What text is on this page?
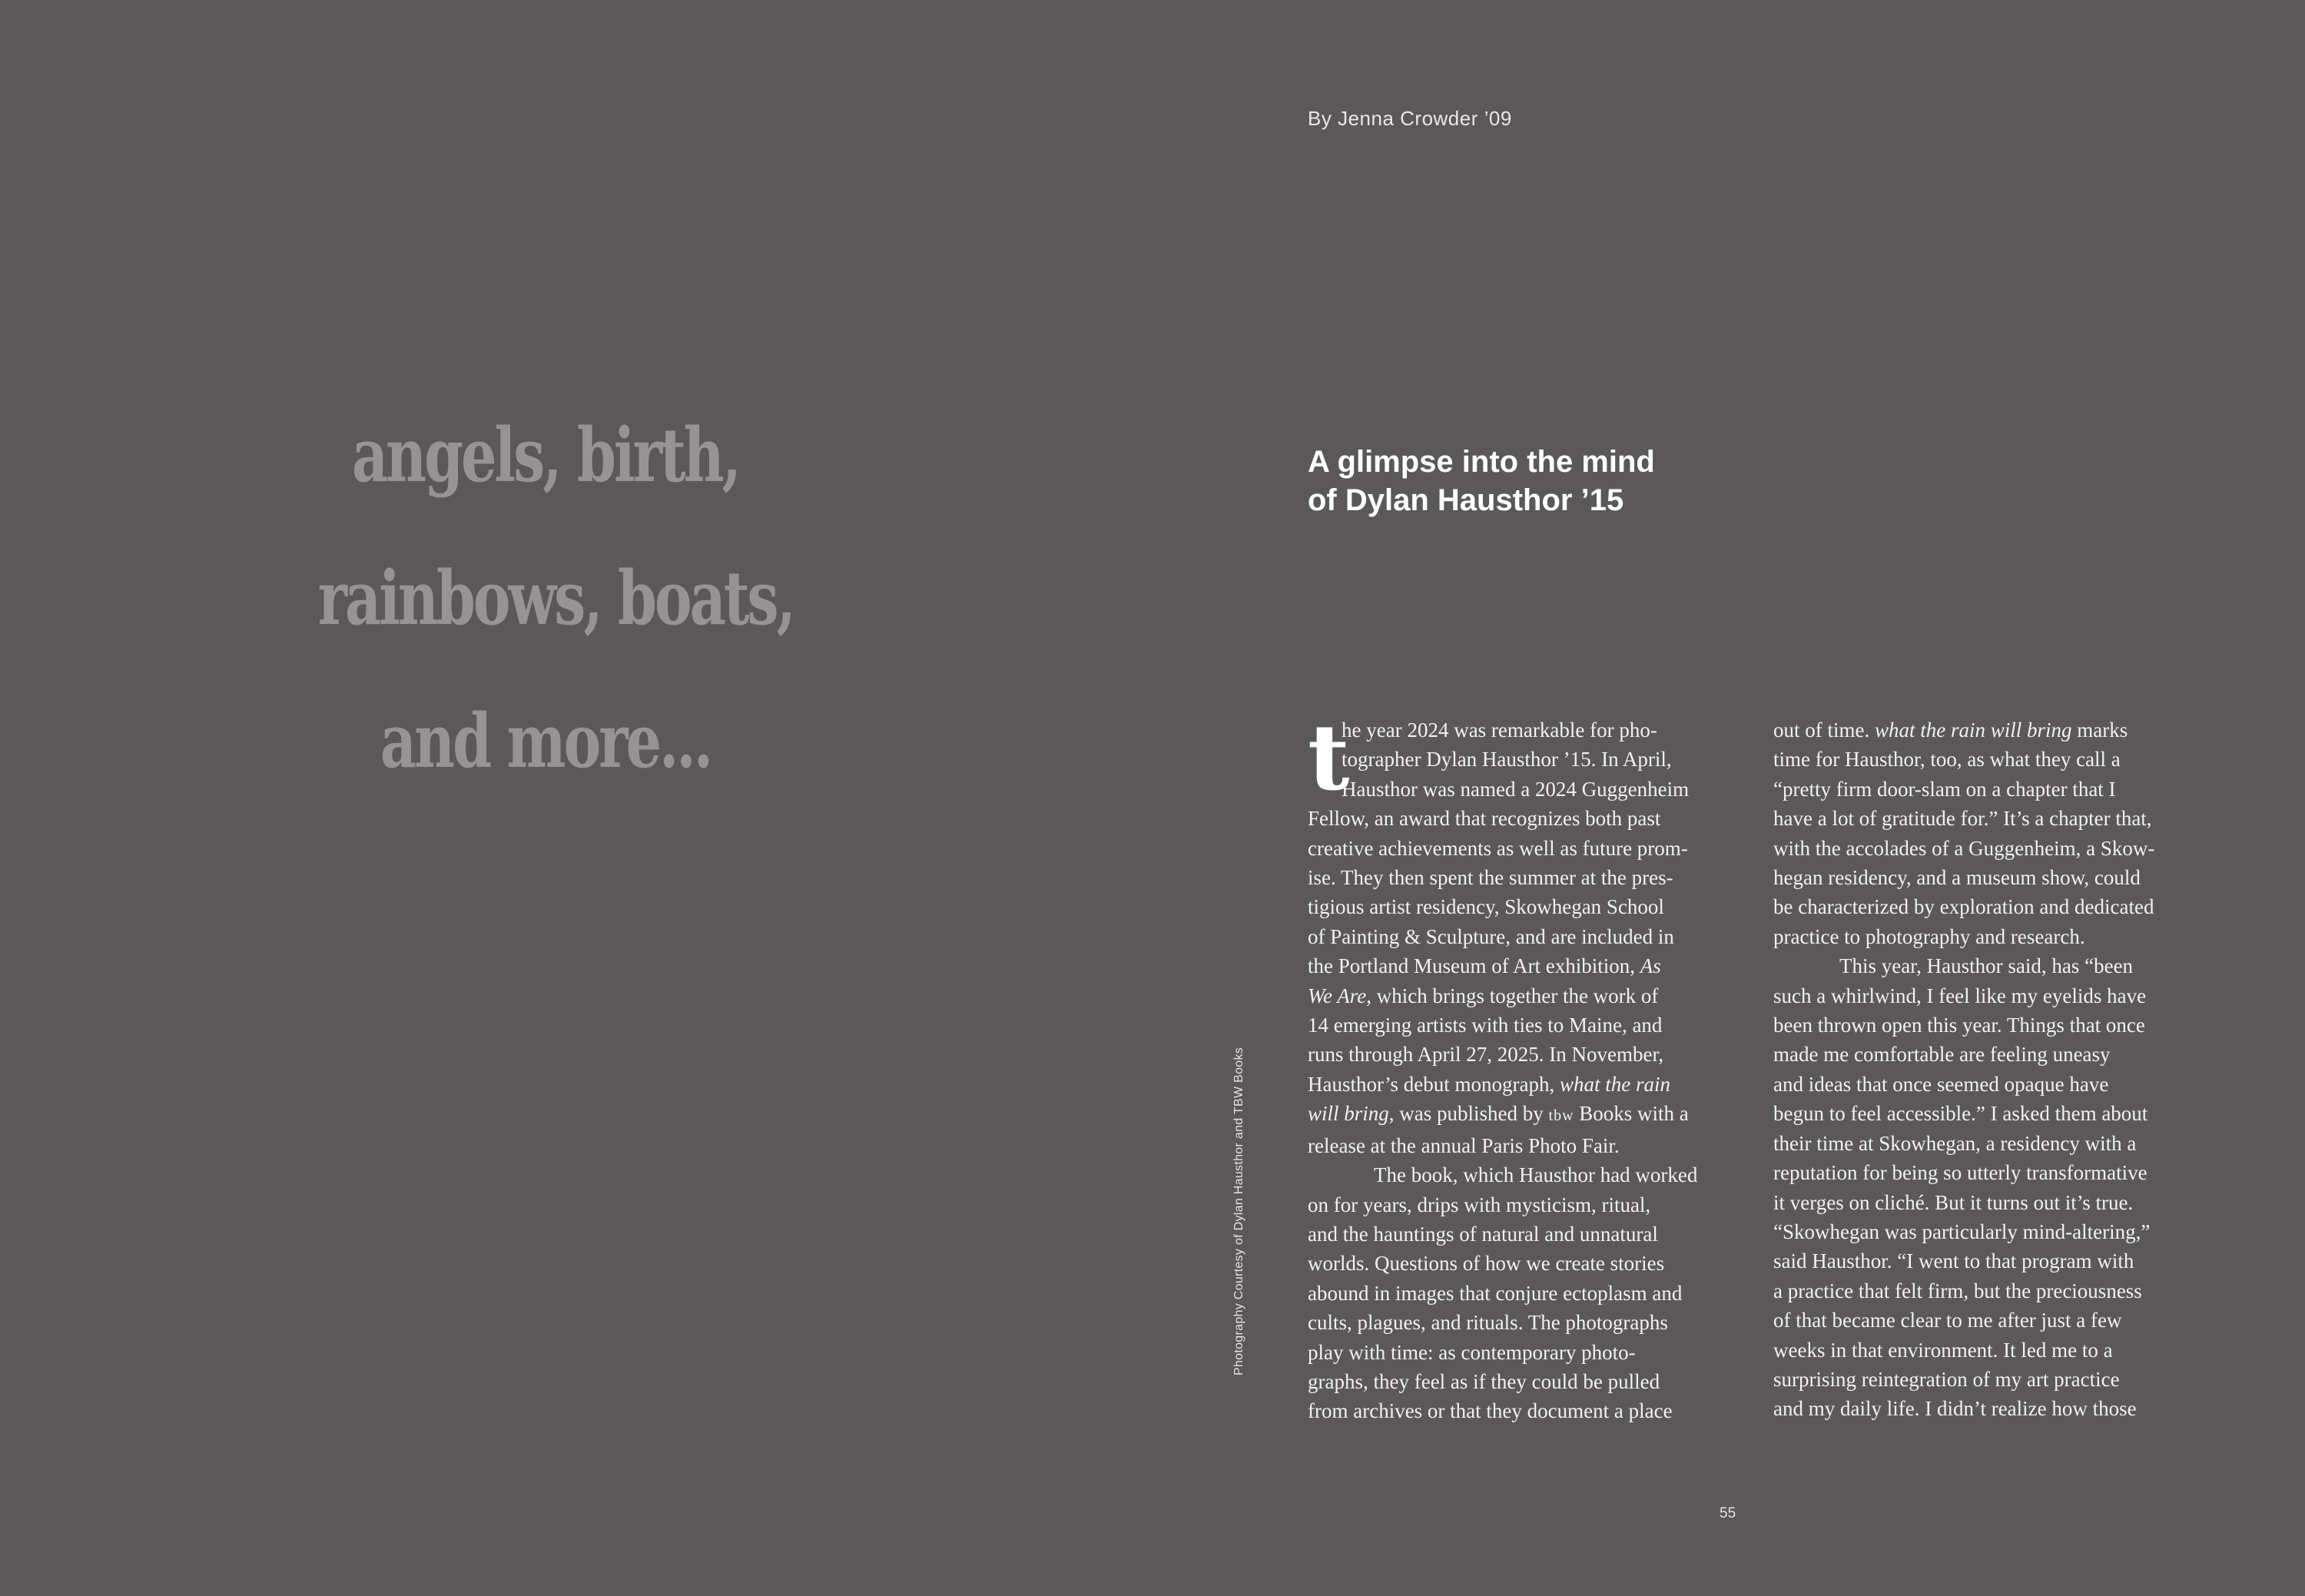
By Jenna Crowder ’09

angels, birth,
rainbows, boats,
and more...
A glimpse into the mind
of Dylan Hausthor ’15

Photography Courtesy of Dylan Hausthor and TBW Books

t
he year 2024 was remarkable for pho-
tographer Dylan Hausthor ’15. In April,
Hausthor was named a 2024 Guggenheim
Fellow, an award that recognizes both past
creative achievements as well as future prom-
ise. They then spent the summer at the pres-
tigious artist residency, Skowhegan School
of Painting & Sculpture, and are included in
the Portland Museum of Art exhibition, As
We Are, which brings together the work of
14 emerging artists with ties to Maine, and
runs through April 27, 2025. In November,
Hausthor’s debut monograph, what the rain
will bring, was published by tbw Books with a
release at the annual Paris Photo Fair.
The book, which Hausthor had worked
on for years, drips with mysticism, ritual,
and the hauntings of natural and unnatural
worlds. Questions of how we create stories
abound in images that conjure ectoplasm and
cults, plagues, and rituals. The photographs
play with time: as contemporary photo-
graphs, they feel as if they could be pulled
from archives or that they document a place
out of time. what the rain will bring marks
time for Hausthor, too, as what they call a
“pretty firm door-slam on a chapter that I
have a lot of gratitude for.” It’s a chapter that,
with the accolades of a Guggenheim, a Skow-
hegan residency, and a museum show, could
be characterized by exploration and dedicated
practice to photography and research.
This year, Hausthor said, has “been
such a whirlwind, I feel like my eyelids have
been thrown open this year. Things that once
made me comfortable are feeling uneasy
and ideas that once seemed opaque have
begun to feel accessible.” I asked them about
their time at Skowhegan, a residency with a
reputation for being so utterly transformative
it verges on cliché. But it turns out it’s true.
“Skowhegan was particularly mind-altering,”
said Hausthor. “I went to that program with
a practice that felt firm, but the preciousness
of that became clear to me after just a few
weeks in that environment. It led me to a
surprising reintegration of my art practice
and my daily life. I didn’t realize how those

55
